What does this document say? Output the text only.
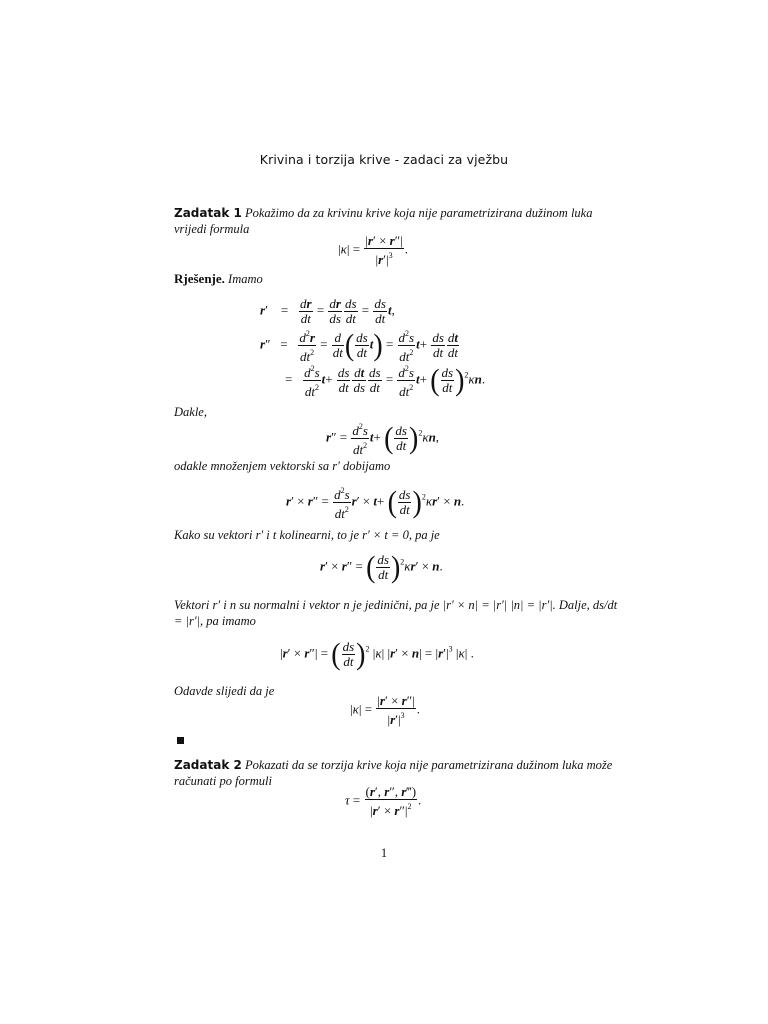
Krivina i torzija krive - zadaci za vježbu
Zadatak 1 Pokažimo da za krivinu krive koja nije parametrizirana dužinom luka vrijedi formula
$|\kappa| = \frac{|r' \times r''|}{|r'|^3}$ .
Rješenje. Imamo
r′    = $\frac{dr}{dt} = \frac{dr}{ds} \frac{ds}{dt} = \frac{ds}{dt} t$,
$r'' = \frac{d^2r}{dt^2} = \frac{d}{dt}$ ( $\frac{ds}{dt} t) = \frac{d^2s}{dt^2} t+ \frac{ds}{dt} \frac{dt}{dt}$
= $\frac{d^2s}{dt^2} t+ \frac{ds}{dt} \frac{dt}{ds} \frac{ds}{dt} = \frac{d^2s}{dt^2} t+$ ( $\frac{ds}{dt} )^2\kappa n$.
Dakle,
$r'' = \frac{d^2s}{dt^2} t+$ ( $\frac{ds}{dt} )^2\kappa n$,
odakle množenjem vektorski sa r′ dobijamo
$r' \times r'' = \frac{d^2s}{dt^2} r' \times t+$ ( $\frac{ds}{dt} )^2\kappa r' \times n$.
Kako su vektori r′ i t kolinearni, to je r′ × t = 0, pa je
r′ × r″ = ( $\frac{ds}{dt} )^2\kappa r' \times n$.
Vektori r′ i n su normalni i vektor n je jedinični, pa je |r′ × n| = |r′| |n| = |r′|. Dalje, ds/dt = |r′|, pa imamo
|r′ × r″| = ( $\frac{ds}{dt} )^2$ |κ| $|r' \times n| = |r'|^3$ |κ| .
Odavde slijedi da je
$|\kappa| = \frac{|r' \times r''|}{|r'|^3}$ .
Zadatak 2 Pokazati da se torzija krive koja nije parametrizirana dužinom luka može računati po formuli
$\tau = \frac{(r', r'', r‴)}{|r' \times r''|^2}$ .
1
